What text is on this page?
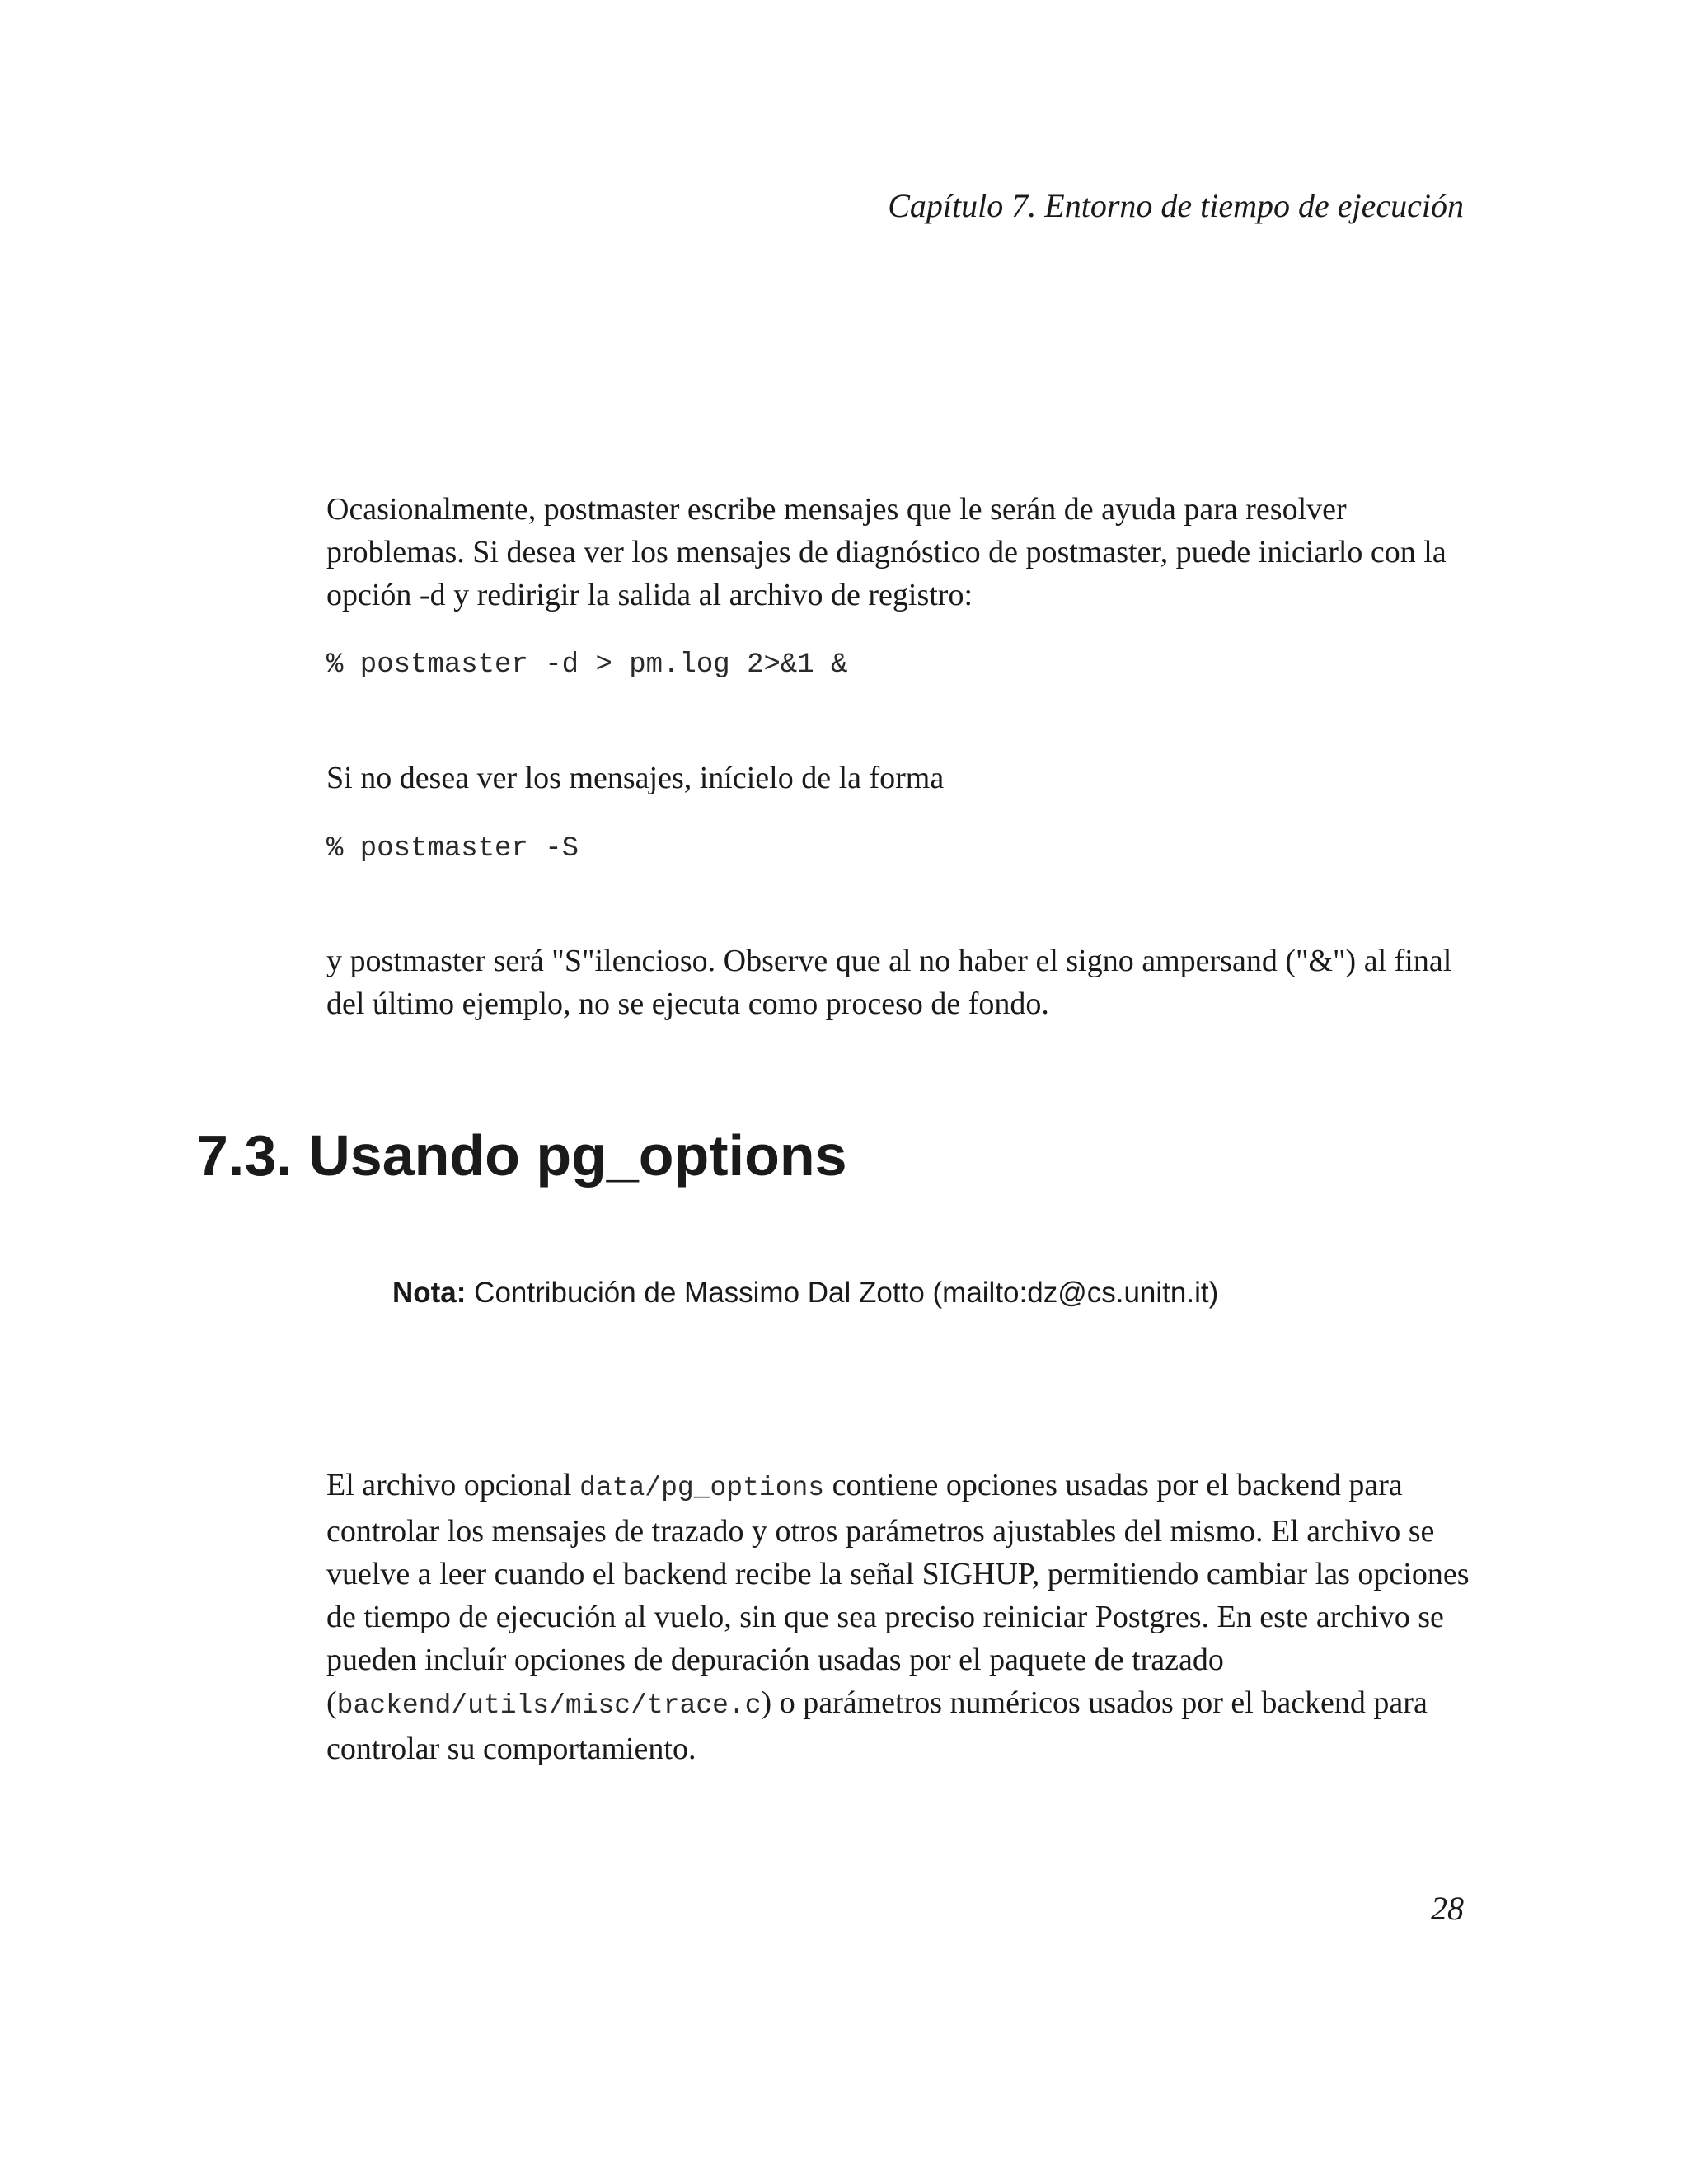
Capítulo 7. Entorno de tiempo de ejecución

Ocasionalmente, postmaster escribe mensajes que le serán de ayuda para resolver problemas. Si desea ver los mensajes de diagnóstico de postmaster, puede iniciarlo con la opción -d y redirigir la salida al archivo de registro:

% postmaster -d > pm.log 2>&1 &

Si no desea ver los mensajes, inícielo de la forma

% postmaster -S

y postmaster será "S"ilencioso. Observe que al no haber el signo ampersand ("&") al final del último ejemplo, no se ejecuta como proceso de fondo.

7.3. Usando pg_options
Nota: Contribución de Massimo Dal Zotto (mailto:dz@cs.unitn.it)

El archivo opcional data/pg_options contiene opciones usadas por el backend para controlar los mensajes de trazado y otros parámetros ajustables del mismo. El archivo se vuelve a leer cuando el backend recibe la señal SIGHUP, permitiendo cambiar las opciones de tiempo de ejecución al vuelo, sin que sea preciso reiniciar Postgres. En este archivo se pueden incluír opciones de depuración usadas por el paquete de trazado (backend/utils/misc/trace.c) o parámetros numéricos usados por el backend para controlar su comportamiento.

28
